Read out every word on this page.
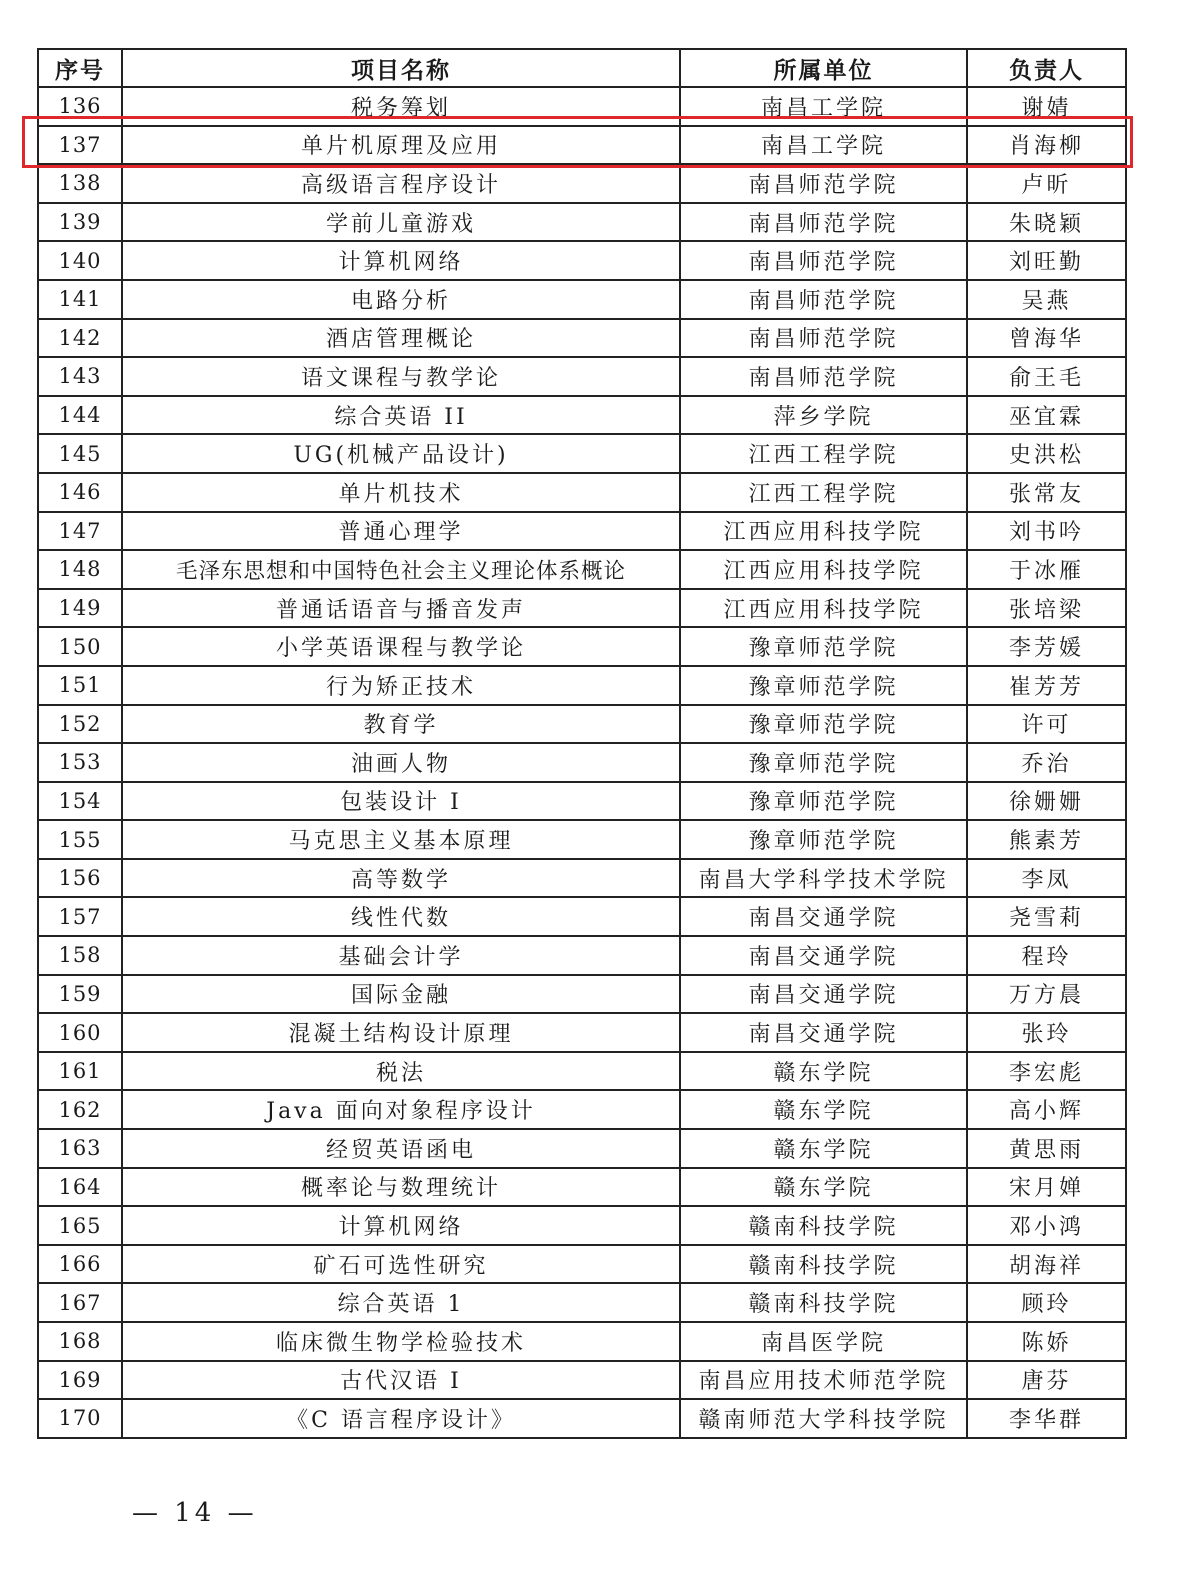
序号	项目名称	所属单位	负责人
136	税务筹划	南昌工学院	谢婧
137	单片机原理及应用	南昌工学院	肖海柳
138	高级语言程序设计	南昌师范学院	卢昕
139	学前儿童游戏	南昌师范学院	朱晓颖
140	计算机网络	南昌师范学院	刘旺勤
141	电路分析	南昌师范学院	吴燕
142	酒店管理概论	南昌师范学院	曾海华
143	语文课程与教学论	南昌师范学院	俞王毛
144	综合英语 II	萍乡学院	巫宜霖
145	UG(机械产品设计)	江西工程学院	史洪松
146	单片机技术	江西工程学院	张常友
147	普通心理学	江西应用科技学院	刘书吟
148	毛泽东思想和中国特色社会主义理论体系概论	江西应用科技学院	于冰雁
149	普通话语音与播音发声	江西应用科技学院	张培梁
150	小学英语课程与教学论	豫章师范学院	李芳媛
151	行为矫正技术	豫章师范学院	崔芳芳
152	教育学	豫章师范学院	许可
153	油画人物	豫章师范学院	乔治
154	包装设计 I	豫章师范学院	徐姗姗
155	马克思主义基本原理	豫章师范学院	熊素芳
156	高等数学	南昌大学科学技术学院	李凤
157	线性代数	南昌交通学院	尧雪莉
158	基础会计学	南昌交通学院	程玲
159	国际金融	南昌交通学院	万方晨
160	混凝土结构设计原理	南昌交通学院	张玲
161	税法	赣东学院	李宏彪
162	Java 面向对象程序设计	赣东学院	高小辉
163	经贸英语函电	赣东学院	黄思雨
164	概率论与数理统计	赣东学院	宋月婵
165	计算机网络	赣南科技学院	邓小鸿
166	矿石可选性研究	赣南科技学院	胡海祥
167	综合英语 1	赣南科技学院	顾玲
168	临床微生物学检验技术	南昌医学院	陈娇
169	古代汉语 I	南昌应用技术师范学院	唐芬
170	《C 语言程序设计》	赣南师范大学科技学院	李华群
— 14 —
